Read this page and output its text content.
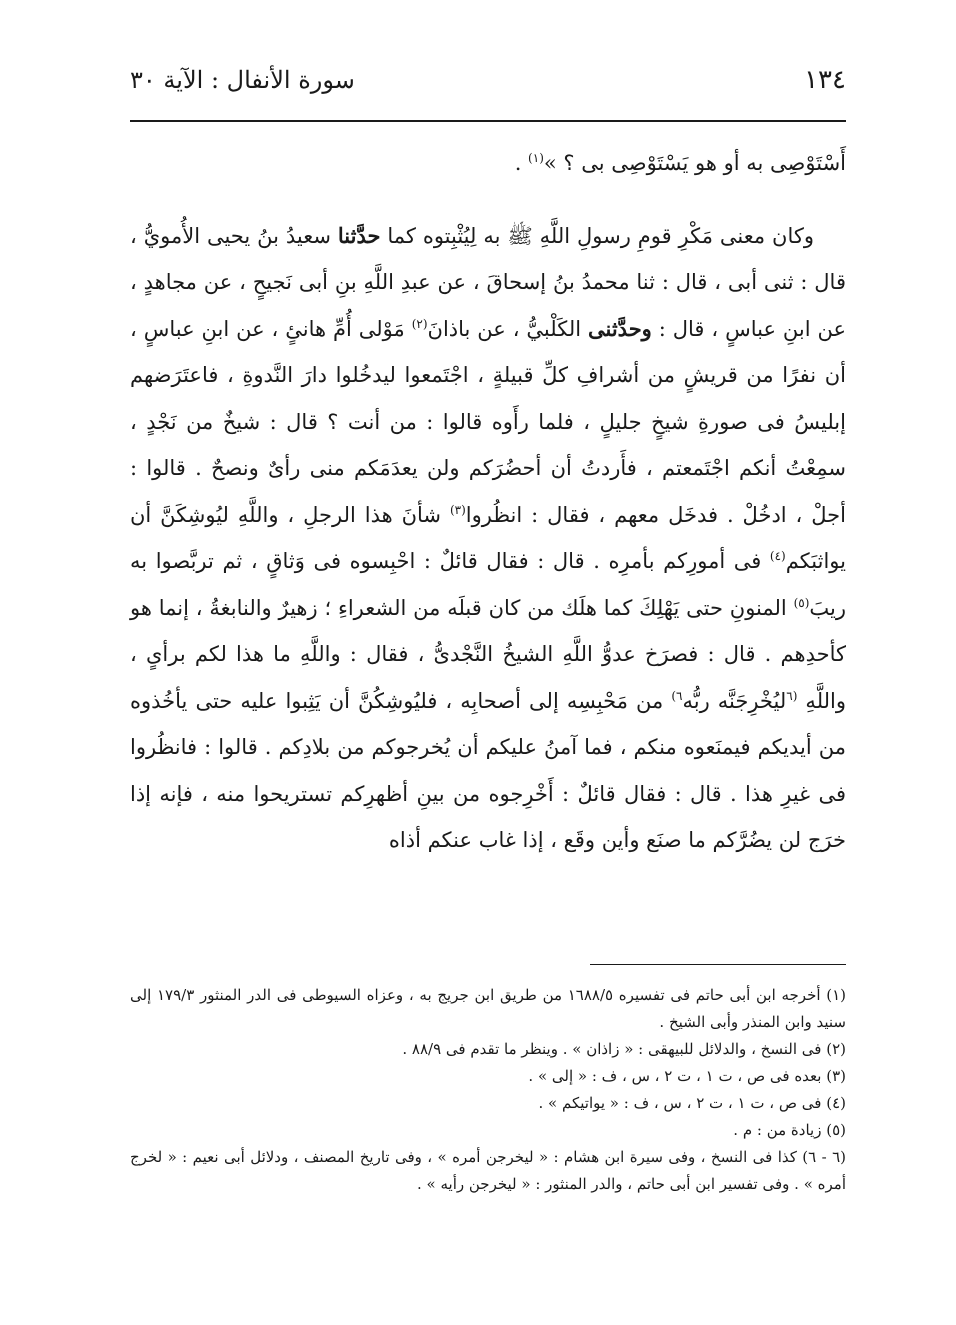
١٣٤
سورة الأنفال : الآية ٣٠

أَسْتَوْصِى به أو هو يَسْتَوْصِى بى ؟ »$^{(١)}$ .

وكان معنى مَكْرِ قومِ رسولِ اللَّهِ ﷺ به لِيُثْبِتوه كما حدَّثنا سعيدُ بنُ يحيى الأُمويُّ ، قال : ثنى أبى ، قال : ثنا محمدُ بنُ إسحاقَ ، عن عبدِ اللَّهِ بنِ أبى نَجيحٍ ، عن مجاهدٍ ، عن ابنِ عباسٍ ، قال : وحدَّثنى الكَلْبيُّ ، عن باذانَ$^{(٢)}$ مَوْلى أُمِّ هانئٍ ، عن ابنِ عباسٍ ، أن نفرًا من قريشٍ من أشرافِ كلِّ قبيلةٍ ، اجْتَمعوا ليدخُلوا دارَ النَّدوةِ ، فاعتَرَضهم إبليسُ فى صورةِ شيخٍ جليلٍ ، فلما رأَوه قالوا : من أنت ؟ قال : شيخٌ من نَجْدٍ ، سمِعْتُ أنكم اجْتَمعتم ، فأَردتُ أن أحضُرَكم ولن يعدَمَكم منى رأىٌ ونصحٌ . قالوا : أجلْ ، ادخُلْ . فدخَل معهم ، فقال : انظُروا$^{(٣)}$ شأنَ هذا الرجلِ ، واللَّهِ ليُوشِكَنَّ أن يواثبَكم$^{(٤)}$ فى أمورِكم بأمرِه . قال : فقال قائلٌ : احْبِسوه فى وَثاقٍ ، ثم تربَّصوا به ريبَ$^{(٥)}$ المنونِ حتى يَهْلِكَ كما هلَك من كان قبلَه من الشعراءِ ؛ زهيرٌ والنابغةُ ، إنما هو كأحدِهم . قال : فصرَخ عدوُّ اللَّهِ الشيخُ النَّجْدىُّ ، فقال : واللَّهِ ما هذا لكم برأىٍ ، واللَّهِ $^{(٦}$ليُخْرِجَنَّه ربُّه$^{٦)}$ من مَحْبِسِه إلى أصحابِه ، فليُوشِكُنَّ أن يَثِبوا عليه حتى يأخُذوه من أيديكم فيمنَعوه منكم ، فما آمنُ عليكم أن يُخرجوكم من بلادِكم . قالوا : فانظُروا فى غيرِ هذا . قال : فقال قائلٌ : أَخْرِجوه من بينِ أظهرِكم تستريحوا منه ، فإنه إذا خرَج لن يضُرَّكم ما صنَع وأين وقَع ، إذا غاب عنكم أذاه

(١) أخرجه ابن أبى حاتم فى تفسيره ١٦٨٨/٥ من طريق ابن جريج به ، وعزاه السيوطى فى الدر المنثور ١٧٩/٣ إلى سنيد وابن المنذر وأبى الشيخ .

(٢) فى النسخ ، والدلائل للبيهقى : « زاذان » . وينظر ما تقدم فى ٨٨/٩ .

(٣) بعده فى ص ، ت ١ ، ت ٢ ، س ، ف : « إلى » .

(٤) فى ص ، ت ١ ، ت ٢ ، س ، ف : « يواتيكم » .

(٥) زيادة من : م .

(٦ - ٦) كذا فى النسخ ، وفى سيرة ابن هشام : « ليخرجن أمره » ، وفى تاريخ المصنف ، ودلائل أبى نعيم : « لخرج أمره » . وفى تفسير ابن أبى حاتم ، والدر المنثور : « ليخرجن رأيه » .
